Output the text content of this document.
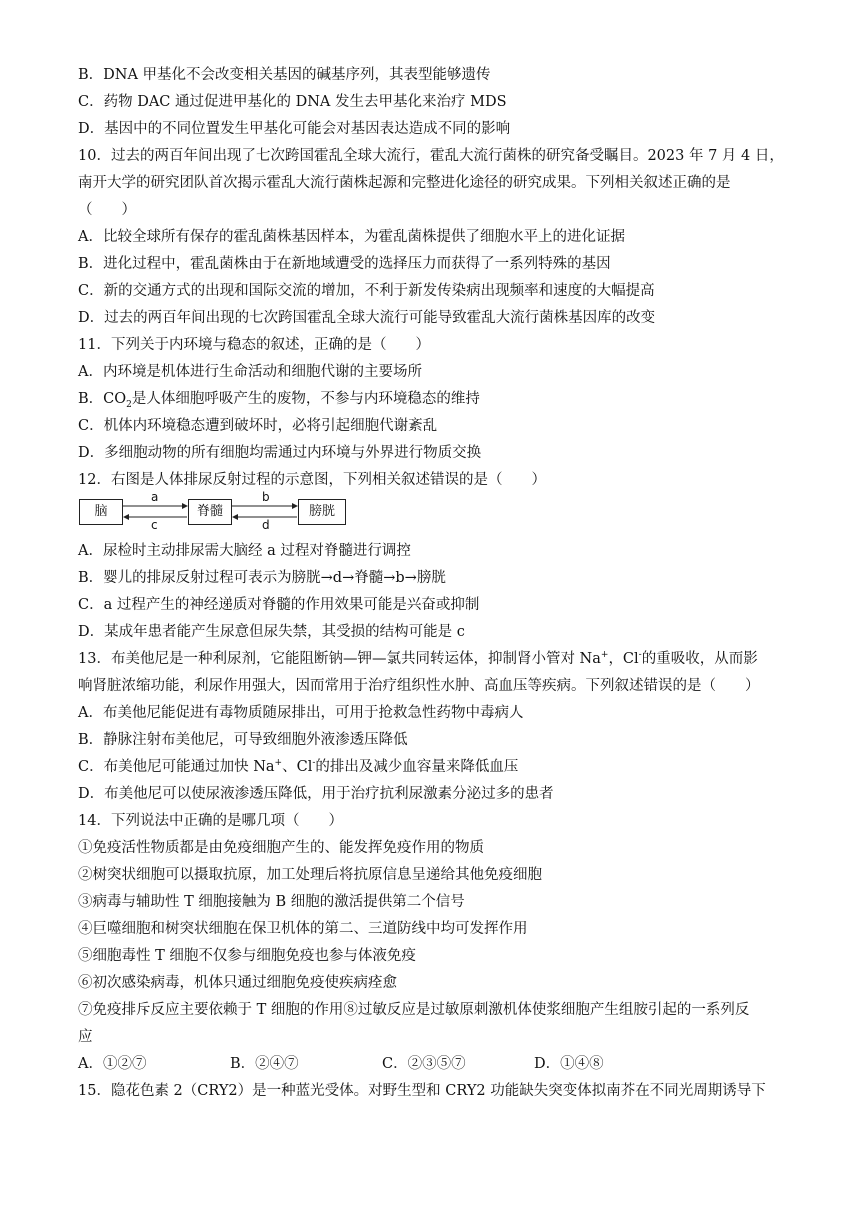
B．DNA 甲基化不会改变相关基因的碱基序列，其表型能够遗传
C．药物 DAC 通过促进甲基化的 DNA 发生去甲基化来治疗 MDS
D．基因中的不同位置发生甲基化可能会对基因表达造成不同的影响
10．过去的两百年间出现了七次跨国霍乱全球大流行，霍乱大流行菌株的研究备受瞩目。2023 年 7 月 4 日，
南开大学的研究团队首次揭示霍乱大流行菌株起源和完整进化途径的研究成果。下列相关叙述正确的是
（　　）
A．比较全球所有保存的霍乱菌株基因样本，为霍乱菌株提供了细胞水平上的进化证据
B．进化过程中，霍乱菌株由于在新地域遭受的选择压力而获得了一系列特殊的基因
C．新的交通方式的出现和国际交流的增加，不利于新发传染病出现频率和速度的大幅提高
D．过去的两百年间出现的七次跨国霍乱全球大流行可能导致霍乱大流行菌株基因库的改变
11．下列关于内环境与稳态的叙述，正确的是（　　）
A．内环境是机体进行生命活动和细胞代谢的主要场所
B．$CO_2$是人体细胞呼吸产生的废物，不参与内环境稳态的维持
C．机体内环境稳态遭到破坏时，必将引起细胞代谢紊乱
D．多细胞动物的所有细胞均需通过内环境与外界进行物质交换
12．右图是人体排尿反射过程的示意图，下列相关叙述错误的是（　　）
脑	脊髓	膀胱
a
c
b
d
A．尿检时主动排尿需大脑经 a 过程对脊髓进行调控
B．婴儿的排尿反射过程可表示为膀胱→d→脊髓→b→膀胱
C．a 过程产生的神经递质对脊髓的作用效果可能是兴奋或抑制
D．某成年患者能产生尿意但尿失禁，其受损的结构可能是 c
13．布美他尼是一种利尿剂，它能阻断钠—钾—氯共同转运体，抑制肾小管对 Na+，Cl-的重吸收，从而影
响肾脏浓缩功能，利尿作用强大，因而常用于治疗组织性水肿、高血压等疾病。下列叙述错误的是（　　）
A．布美他尼能促进有毒物质随尿排出，可用于抢救急性药物中毒病人
B．静脉注射布美他尼，可导致细胞外液渗透压降低
C．布美他尼可能通过加快 Na+、Cl-的排出及减少血容量来降低血压
D．布美他尼可以使尿液渗透压降低，用于治疗抗利尿激素分泌过多的患者
14．下列说法中正确的是哪几项（　　）
①免疫活性物质都是由免疫细胞产生的、能发挥免疫作用的物质
②树突状细胞可以摄取抗原，加工处理后将抗原信息呈递给其他免疫细胞
③病毒与辅助性 T 细胞接触为 B 细胞的激活提供第二个信号
④巨噬细胞和树突状细胞在保卫机体的第二、三道防线中均可发挥作用
⑤细胞毒性 T 细胞不仅参与细胞免疫也参与体液免疫
⑥初次感染病毒，机体只通过细胞免疫使疾病痊愈
⑦免疫排斥反应主要依赖于 T 细胞的作用⑧过敏反应是过敏原刺激机体使浆细胞产生组胺引起的一系列反
应
A．①②⑦	B．②④⑦	C．②③⑤⑦	D．①④⑧
15．隐花色素 2（CRY2）是一种蓝光受体。对野生型和 CRY2 功能缺失突变体拟南芥在不同光周期诱导下
